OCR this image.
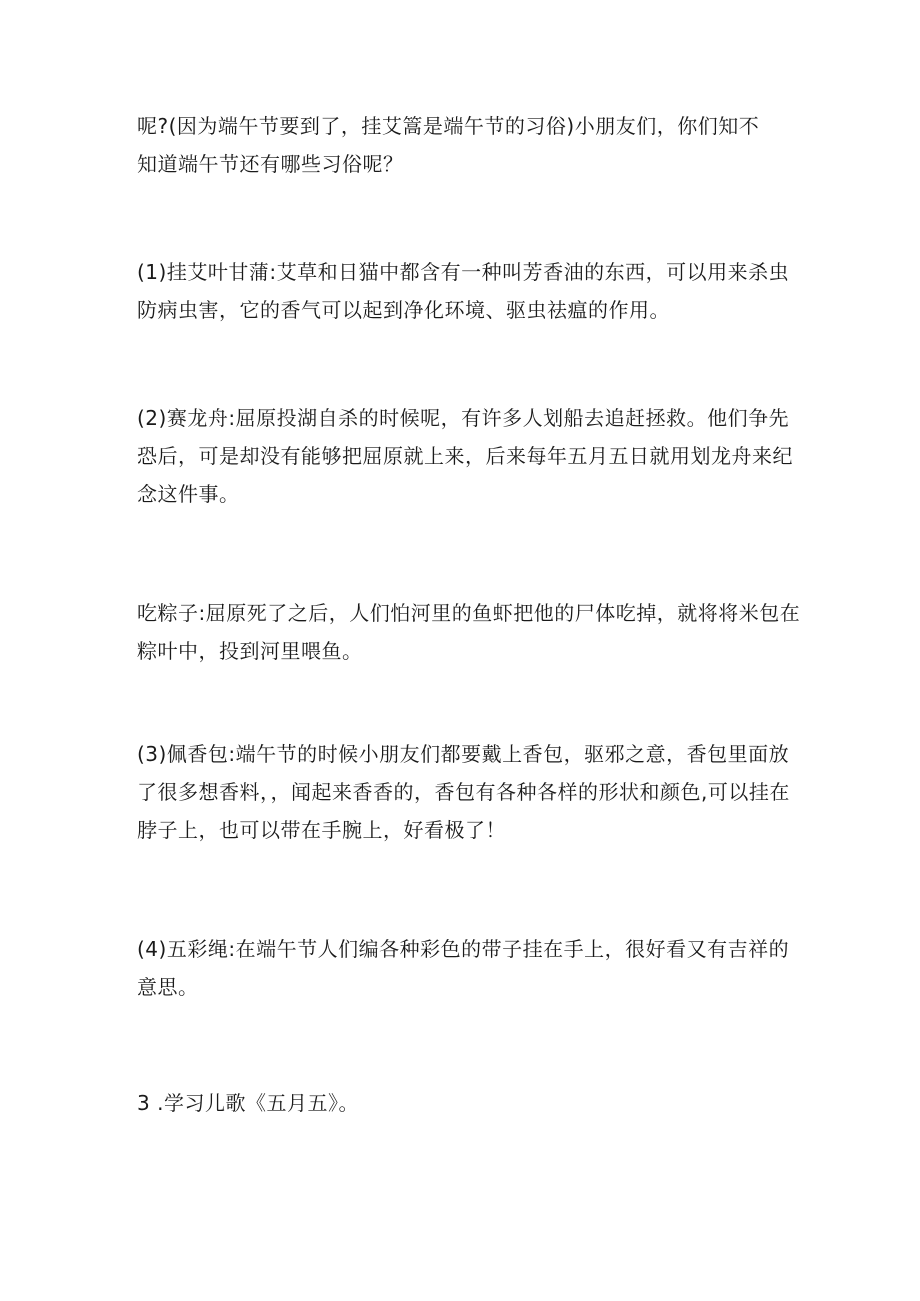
呢?(因为端午节要到了，挂艾篙是端午节的习俗)小朋友们，你们知不
知道端午节还有哪些习俗呢？
(1)挂艾叶甘蒲:艾草和日猫中都含有一种叫芳香油的东西，可以用来杀虫
防病虫害，它的香气可以起到净化环境、驱虫祛瘟的作用。
(2)赛龙舟:屈原投湖自杀的时候呢，有许多人划船去追赶拯救。他们争先
恐后，可是却没有能够把屈原就上来，后来每年五月五日就用划龙舟来纪
念这件事。
吃粽子:屈原死了之后，人们怕河里的鱼虾把他的尸体吃掉，就将将米包在
粽叶中，投到河里喂鱼。
(3)佩香包:端午节的时候小朋友们都要戴上香包，驱邪之意，香包里面放
了很多想香料，，闻起来香香的，香包有各种各样的形状和颜色,可以挂在
脖子上，也可以带在手腕上，好看极了！
(4)五彩绳:在端午节人们编各种彩色的带子挂在手上，很好看又有吉祥的
意思。
3 .学习儿歌《五月五》。
